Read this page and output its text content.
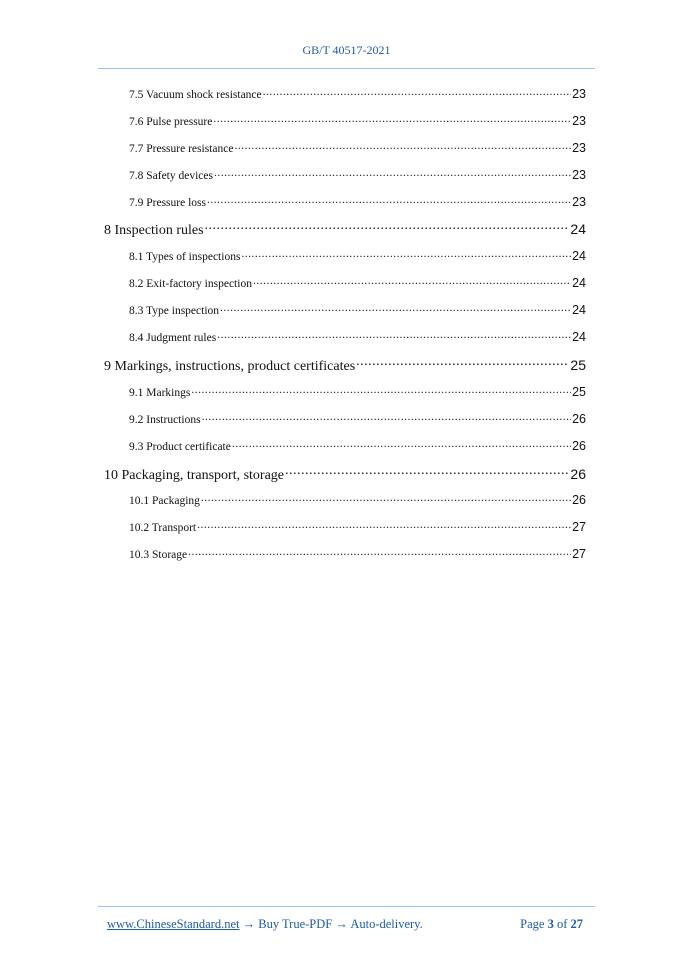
GB/T 40517-2021
7.5 Vacuum shock resistance .....	23
7.6 Pulse pressure .....	23
7.7 Pressure resistance .....	23
7.8 Safety devices .....	23
7.9 Pressure loss .....	23
8 Inspection rules .....	24
8.1 Types of inspections .....	24
8.2 Exit-factory inspection .....	24
8.3 Type inspection .....	24
8.4 Judgment rules .....	24
9 Markings, instructions, product certificates .....	25
9.1 Markings .....	25
9.2 Instructions .....	26
9.3 Product certificate .....	26
10 Packaging, transport, storage .....	26
10.1 Packaging .....	26
10.2 Transport .....	27
10.3 Storage .....	27
www.ChineseStandard.net → Buy True-PDF → Auto-delivery.	Page 3 of 27
